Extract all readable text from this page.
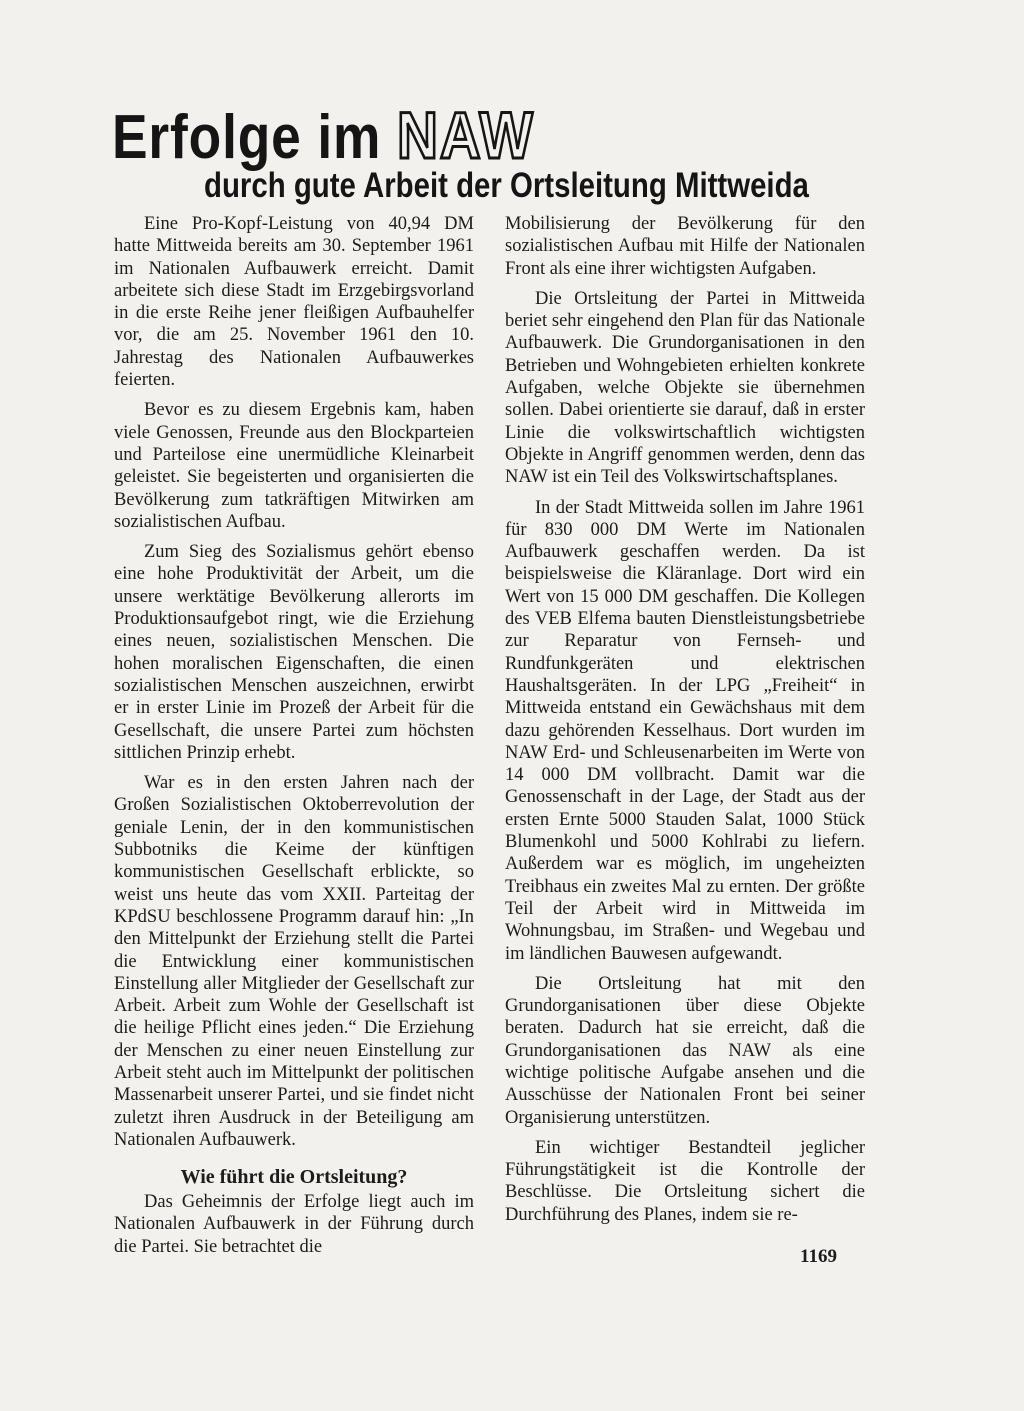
Erfolge im NAW
durch gute Arbeit der Ortsleitung Mittweida

Eine Pro-Kopf-Leistung von 40,94 DM hatte Mittweida bereits am 30. September 1961 im Nationalen Aufbauwerk erreicht. Damit arbeitete sich diese Stadt im Erzgebirgsvorland in die erste Reihe jener fleißigen Aufbauhelfer vor, die am 25. November 1961 den 10. Jahrestag des Nationalen Aufbauwerkes feierten.

Bevor es zu diesem Ergebnis kam, haben viele Genossen, Freunde aus den Blockparteien und Parteilose eine unermüdliche Kleinarbeit geleistet. Sie begeisterten und organisierten die Bevölkerung zum tatkräftigen Mitwirken am sozialistischen Aufbau.

Zum Sieg des Sozialismus gehört ebenso eine hohe Produktivität der Arbeit, um die unsere werktätige Bevölkerung allerorts im Produktionsaufgebot ringt, wie die Erziehung eines neuen, sozialistischen Menschen. Die hohen moralischen Eigenschaften, die einen sozialistischen Menschen auszeichnen, erwirbt er in erster Linie im Prozeß der Arbeit für die Gesellschaft, die unsere Partei zum höchsten sittlichen Prinzip erhebt.

War es in den ersten Jahren nach der Großen Sozialistischen Oktoberrevolution der geniale Lenin, der in den kommunistischen Subbotniks die Keime der künftigen kommunistischen Gesellschaft erblickte, so weist uns heute das vom XXII. Parteitag der KPdSU beschlossene Programm darauf hin: „In den Mittelpunkt der Erziehung stellt die Partei die Entwicklung einer kommunistischen Einstellung aller Mitglieder der Gesellschaft zur Arbeit. Arbeit zum Wohle der Gesellschaft ist die heilige Pflicht eines jeden.“ Die Erziehung der Menschen zu einer neuen Einstellung zur Arbeit steht auch im Mittelpunkt der politischen Massenarbeit unserer Partei, und sie findet nicht zuletzt ihren Ausdruck in der Beteiligung am Nationalen Aufbauwerk.

Wie führt die Ortsleitung?

Das Geheimnis der Erfolge liegt auch im Nationalen Aufbauwerk in der Führung durch die Partei. Sie betrachtet die

Mobilisierung der Bevölkerung für den sozialistischen Aufbau mit Hilfe der Nationalen Front als eine ihrer wichtigsten Aufgaben.

Die Ortsleitung der Partei in Mittweida beriet sehr eingehend den Plan für das Nationale Aufbauwerk. Die Grundorganisationen in den Betrieben und Wohngebieten erhielten konkrete Aufgaben, welche Objekte sie übernehmen sollen. Dabei orientierte sie darauf, daß in erster Linie die volkswirtschaftlich wichtigsten Objekte in Angriff genommen werden, denn das NAW ist ein Teil des Volkswirtschaftsplanes.

In der Stadt Mittweida sollen im Jahre 1961 für 830 000 DM Werte im Nationalen Aufbauwerk geschaffen werden. Da ist beispielsweise die Kläranlage. Dort wird ein Wert von 15 000 DM geschaffen. Die Kollegen des VEB Elfema bauten Dienstleistungsbetriebe zur Reparatur von Fernseh- und Rundfunkgeräten und elektrischen Haushaltsgeräten. In der LPG „Freiheit“ in Mittweida entstand ein Gewächshaus mit dem dazu gehörenden Kesselhaus. Dort wurden im NAW Erd- und Schleusenarbeiten im Werte von 14 000 DM vollbracht. Damit war die Genossenschaft in der Lage, der Stadt aus der ersten Ernte 5000 Stauden Salat, 1000 Stück Blumenkohl und 5000 Kohlrabi zu liefern. Außerdem war es möglich, im ungeheizten Treibhaus ein zweites Mal zu ernten. Der größte Teil der Arbeit wird in Mittweida im Wohnungsbau, im Straßen- und Wegebau und im ländlichen Bauwesen aufgewandt.

Die Ortsleitung hat mit den Grundorganisationen über diese Objekte beraten. Dadurch hat sie erreicht, daß die Grundorganisationen das NAW als eine wichtige politische Aufgabe ansehen und die Ausschüsse der Nationalen Front bei seiner Organisierung unterstützen.

Ein wichtiger Bestandteil jeglicher Führungstätigkeit ist die Kontrolle der Beschlüsse. Die Ortsleitung sichert die Durchführung des Planes, indem sie re-

1169
